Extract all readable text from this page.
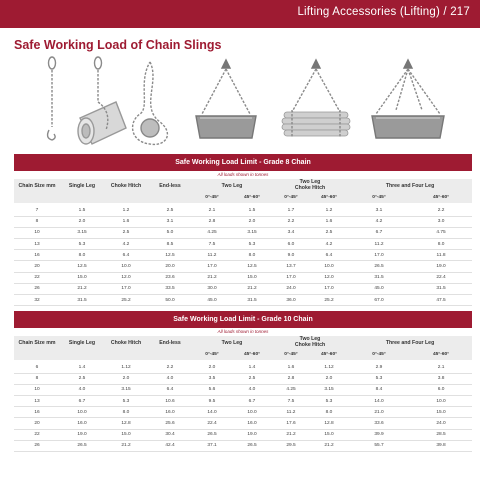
Lifting Accessories (Lifting) / 217
Safe Working Load of Chain Slings
Safe Working Load Limit - Grade 8 Chain
All loads shown in tonnes
Chain Size mm	Single Leg	Choke Hitch	End-less	Two Leg		Two Leg
Choke Hitch		Three and Four Leg	
				0°-45°	45°-60°	0°-45°	45°-60°	0°-45°	45°-60°

7	1.5	1.2	2.5	2.1	1.5	1.7	1.2	3.1	2.2
8	2.0	1.6	3.1	2.8	2.0	2.2	1.6	4.2	3.0
10	3.15	2.5	5.0	4.25	3.15	3.4	2.5	6.7	4.75
13	5.3	4.2	8.5	7.5	5.3	6.0	4.2	11.2	8.0
16	8.0	6.4	12.5	11.2	8.0	9.0	6.4	17.0	11.8
20	12.5	10.0	20.0	17.0	12.5	13.7	10.0	26.5	19.0
22	15.0	12.0	23.6	21.2	15.0	17.0	12.0	31.5	22.4
26	21.2	17.0	33.5	30.0	21.2	24.0	17.0	45.0	31.5
32	31.5	25.2	50.0	45.0	31.5	36.0	25.2	67.0	47.5
Safe Working Load Limit - Grade 10 Chain
All loads shown in tonnes
Chain Size mm	Single Leg	Choke Hitch	End-less	Two Leg		Two Leg
Choke Hitch		Three and Four Leg	
				0°-45°	45°-60°	0°-45°	45°-60°	0°-45°	45°-60°

6	1.4	1.12	2.2	2.0	1.4	1.6	1.12	2.9	2.1
8	2.5	2.0	4.0	3.5	2.5	2.8	2.0	5.3	3.8
10	4.0	3.15	6.4	5.6	4.0	4.25	3.15	8.4	6.0
13	6.7	5.3	10.6	9.5	6.7	7.5	5.3	14.0	10.0
16	10.0	8.0	16.0	14.0	10.0	11.2	8.0	21.0	15.0
20	16.0	12.8	25.6	22.4	16.0	17.6	12.8	33.6	24.0
22	19.0	15.0	30.4	26.5	19.0	21.2	15.0	39.9	28.5
26	26.5	21.2	42.4	37.1	26.5	29.5	21.2	55.7	39.8
